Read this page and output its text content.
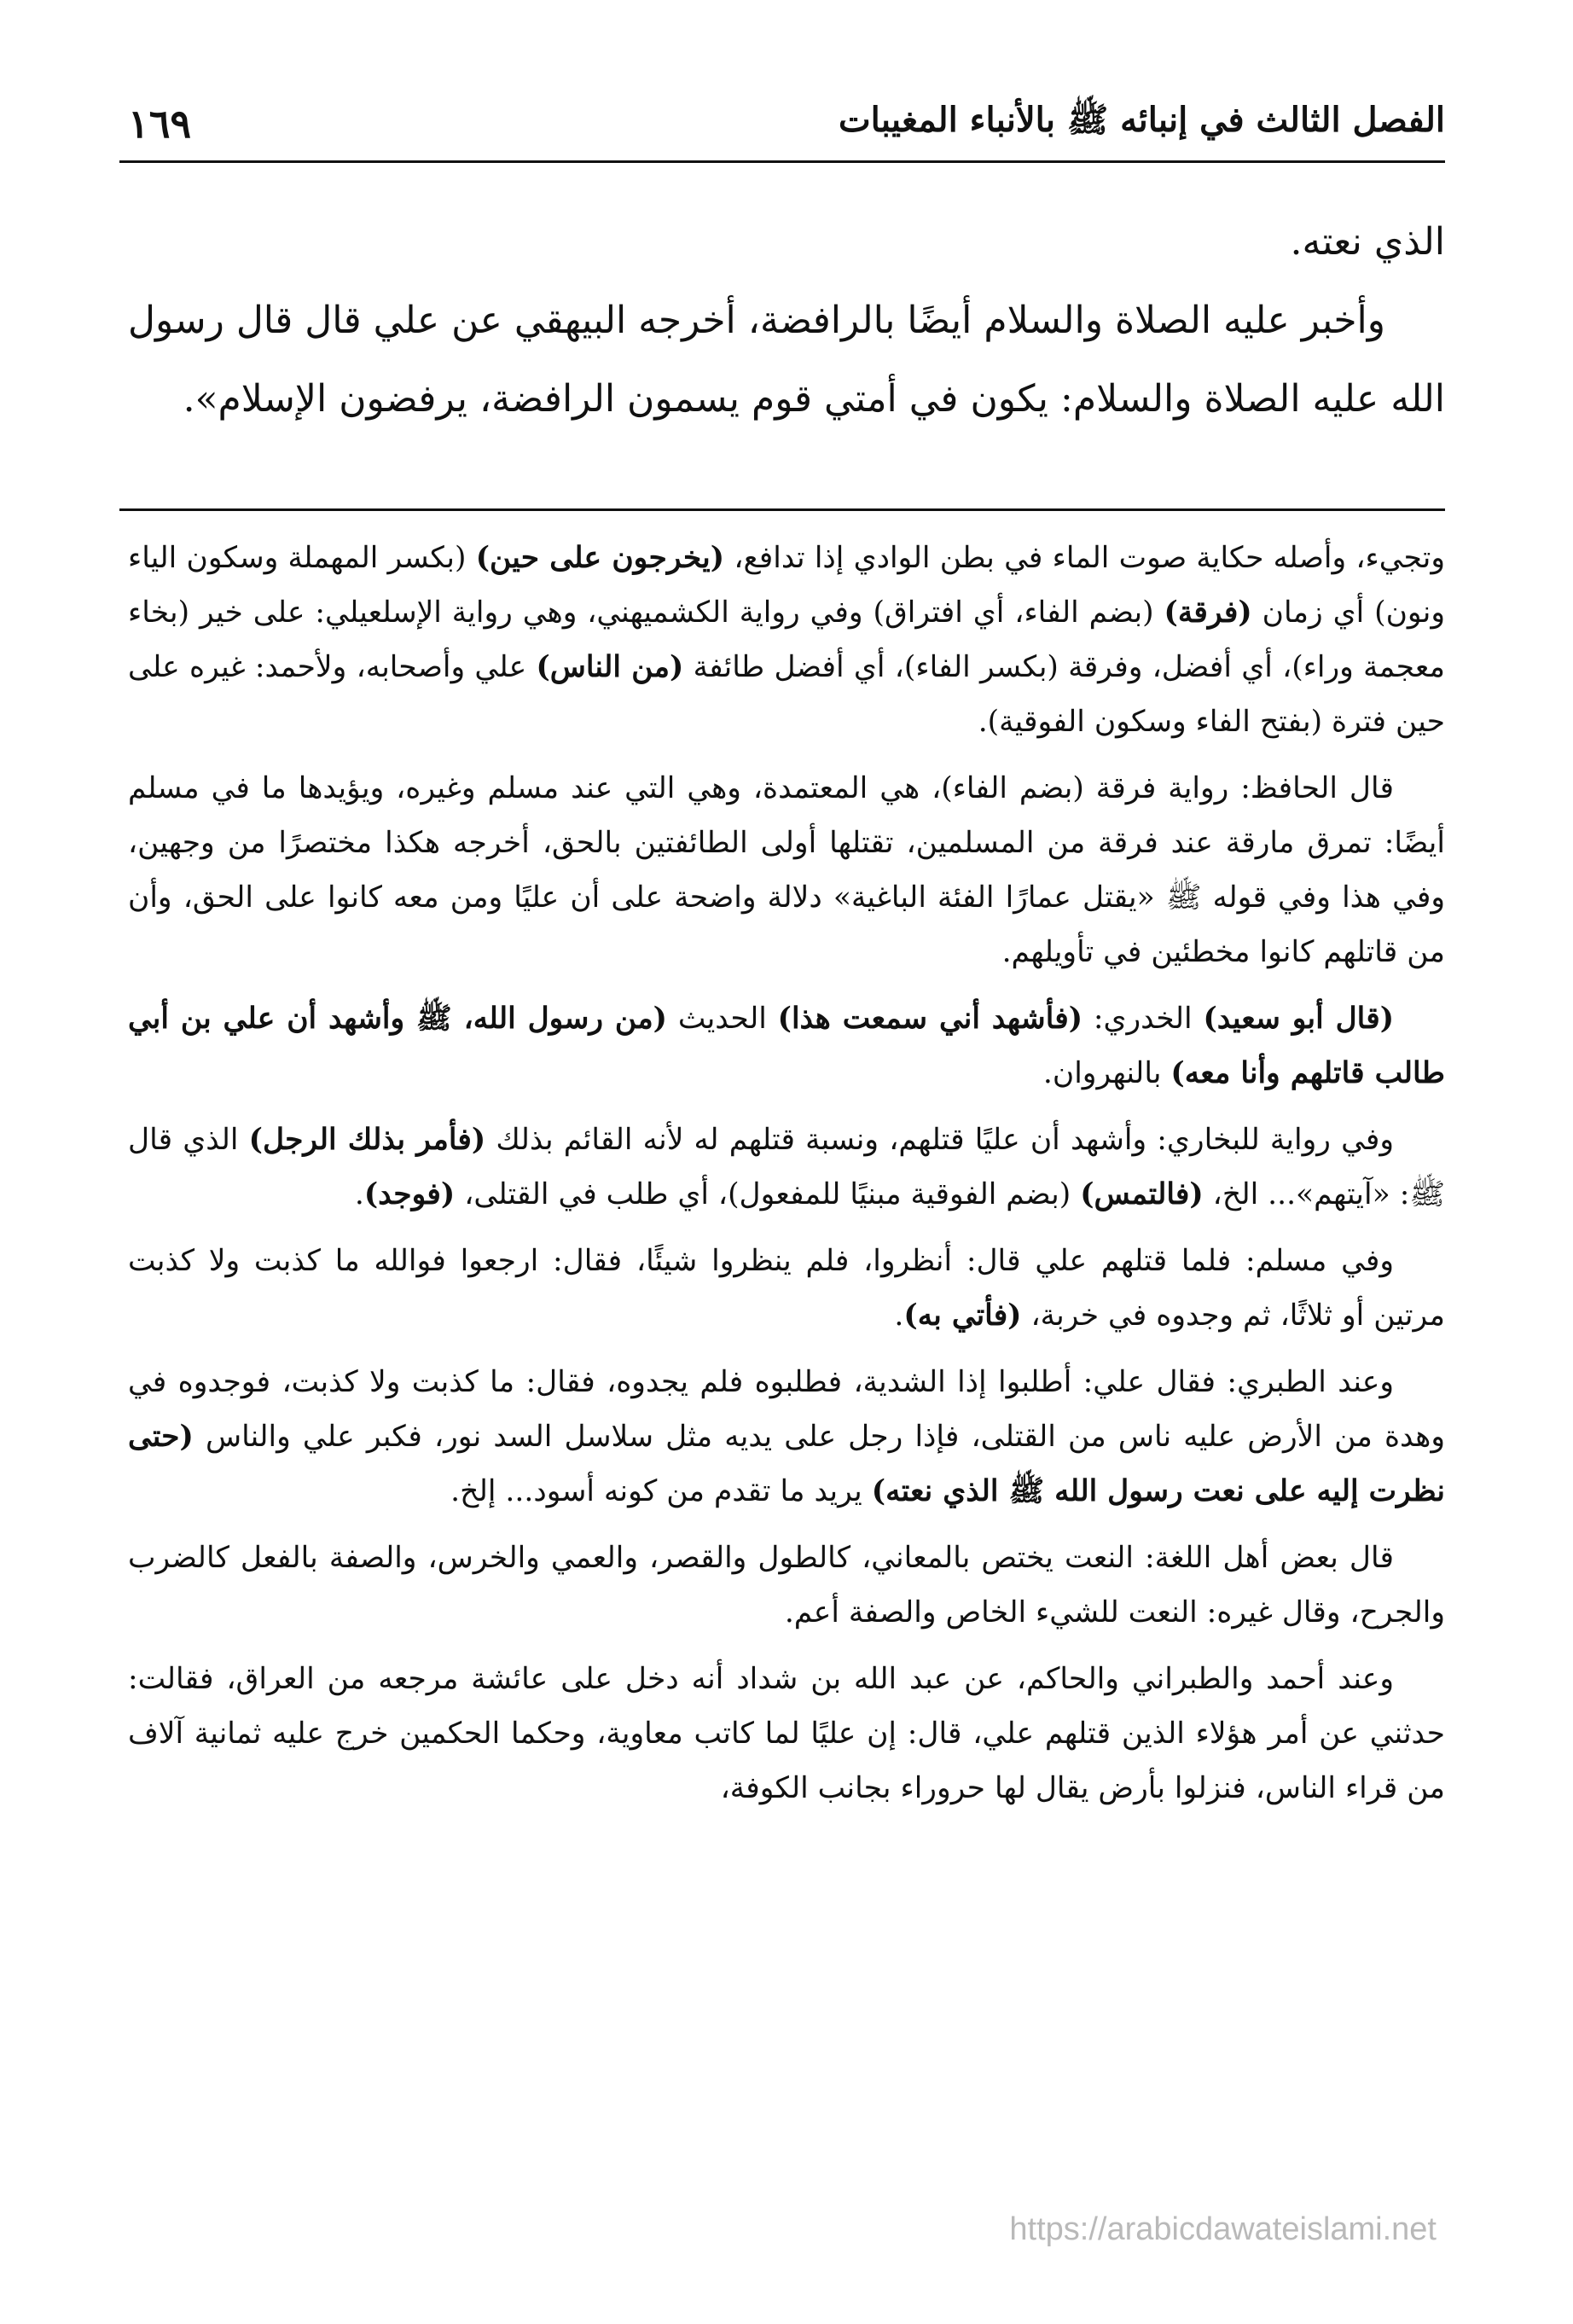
١٦٩	الفصل الثالث في إنبائه ﷺ بالأنباء المغيبات

الذي نعته.

وأخبر عليه الصلاة والسلام أيضًا بالرافضة، أخرجه البيهقي عن علي قال قال رسول الله عليه الصلاة والسلام: يكون في أمتي قوم يسمون الرافضة، يرفضون الإسلام».

وتجيء، وأصله حكاية صوت الماء في بطن الوادي إذا تدافع، (يخرجون على حين) (بكسر المهملة وسكون الياء ونون) أي زمان (فرقة) (بضم الفاء، أي افتراق) وفي رواية الكشميهني، وهي رواية الإسلعيلي: على خير (بخاء معجمة وراء)، أي أفضل، وفرقة (بكسر الفاء)، أي أفضل طائفة (من الناس) علي وأصحابه، ولأحمد: غيره على حين فترة (بفتح الفاء وسكون الفوقية).

قال الحافظ: رواية فرقة (بضم الفاء)، هي المعتمدة، وهي التي عند مسلم وغيره، ويؤيدها ما في مسلم أيضًا: تمرق مارقة عند فرقة من المسلمين، تقتلها أولى الطائفتين بالحق، أخرجه هكذا مختصرًا من وجهين، وفي هذا وفي قوله ﷺ «يقتل عمارًا الفئة الباغية» دلالة واضحة على أن عليًا ومن معه كانوا على الحق، وأن من قاتلهم كانوا مخطئين في تأويلهم.

(قال أبو سعيد) الخدري: (فأشهد أني سمعت هذا) الحديث (من رسول الله، ﷺ وأشهد أن علي بن أبي طالب قاتلهم وأنا معه) بالنهروان.

وفي رواية للبخاري: وأشهد أن عليًا قتلهم، ونسبة قتلهم له لأنه القائم بذلك (فأمر بذلك الرجل) الذي قال ﷺ: «آيتهم»... الخ، (فالتمس) (بضم الفوقية مبنيًا للمفعول)، أي طلب في القتلى، (فوجد).

وفي مسلم: فلما قتلهم علي قال: أنظروا، فلم ينظروا شيئًا، فقال: ارجعوا فوالله ما كذبت ولا كذبت مرتين أو ثلاثًا، ثم وجدوه في خربة، (فأتي به).

وعند الطبري: فقال علي: أطلبوا إذا الشدية، فطلبوه فلم يجدوه، فقال: ما كذبت ولا كذبت، فوجدوه في وهدة من الأرض عليه ناس من القتلى، فإذا رجل على يديه مثل سلاسل السد نور، فكبر علي والناس (حتى نظرت إليه على نعت رسول الله ﷺ الذي نعته) يريد ما تقدم من كونه أسود... إلخ.

قال بعض أهل اللغة: النعت يختص بالمعاني، كالطول والقصر، والعمي والخرس، والصفة بالفعل كالضرب والجرح، وقال غيره: النعت للشيء الخاص والصفة أعم.

وعند أحمد والطبراني والحاكم، عن عبد الله بن شداد أنه دخل على عائشة مرجعه من العراق، فقالت: حدثني عن أمر هؤلاء الذين قتلهم علي، قال: إن عليًا لما كاتب معاوية، وحكما الحكمين خرج عليه ثمانية آلاف من قراء الناس، فنزلوا بأرض يقال لها حروراء بجانب الكوفة،

https://arabicdawateislami.net
